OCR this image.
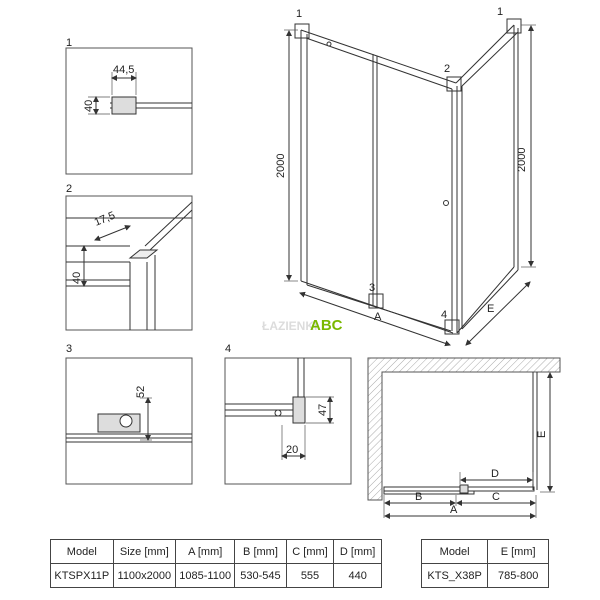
1
44,5
40
2
17,5
40
3
52
4
47
20
1	1
2
3
4
2000	2000
A
E
ŁAZIENKI
ABC
E
D
B	C
A
Model	Size [mm]	A [mm]	B [mm]	C [mm]	D [mm]
KTSPX11P	1100x2000	1085-1100	530-545	555	440
Model	E [mm]
KTS_X38P	785-800
